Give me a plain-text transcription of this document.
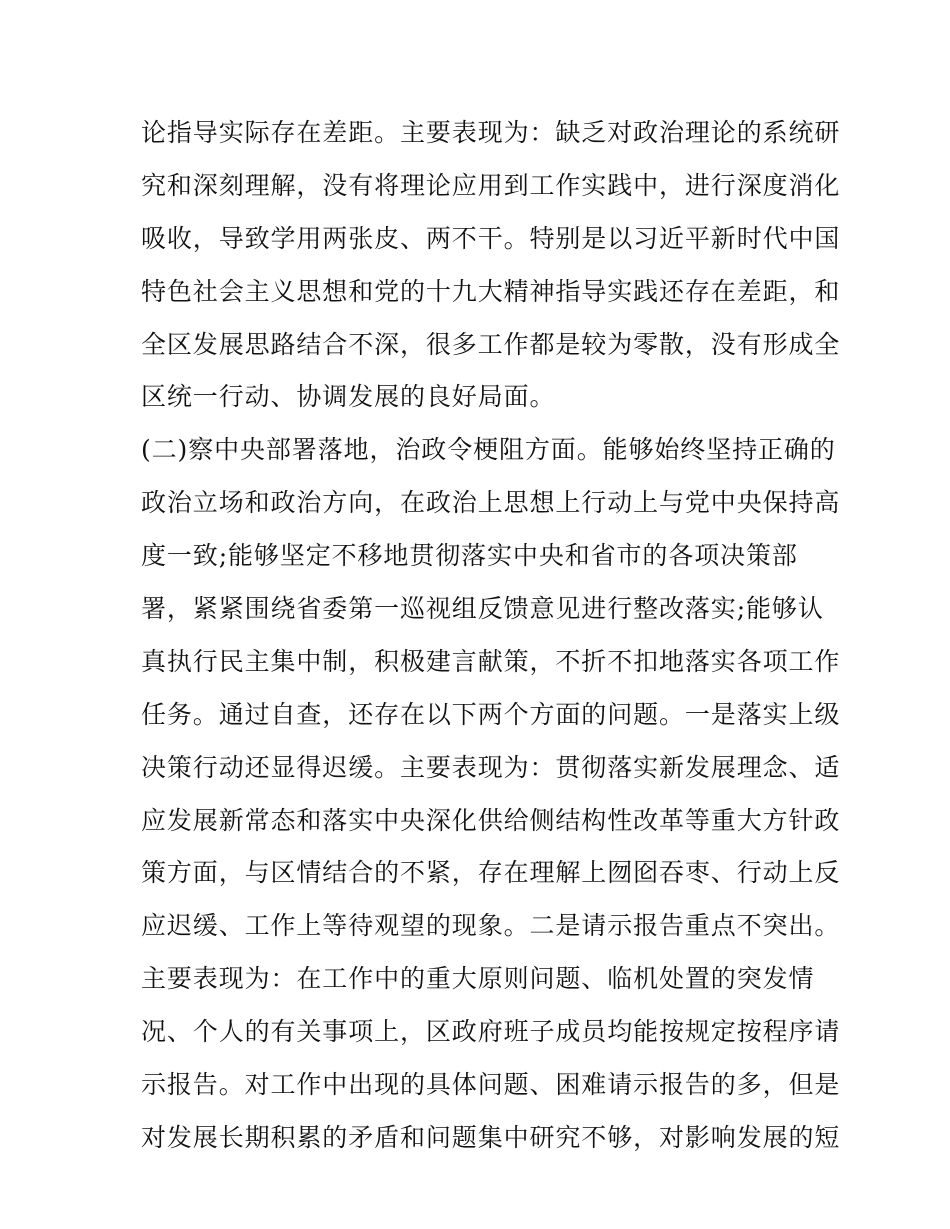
论指导实际存在差距。主要表现为：缺乏对政治理论的系统研
究和深刻理解，没有将理论应用到工作实践中，进行深度消化
吸收，导致学用两张皮、两不干。特别是以习近平新时代中国
特色社会主义思想和党的十九大精神指导实践还存在差距，和
全区发展思路结合不深，很多工作都是较为零散，没有形成全
区统一行动、协调发展的良好局面。
(二)察中央部署落地，治政令梗阻方面。能够始终坚持正确的
政治立场和政治方向，在政治上思想上行动上与党中央保持高
度一致;能够坚定不移地贯彻落实中央和省市的各项决策部
署，紧紧围绕省委第一巡视组反馈意见进行整改落实;能够认
真执行民主集中制，积极建言献策，不折不扣地落实各项工作
任务。通过自查，还存在以下两个方面的问题。一是落实上级
决策行动还显得迟缓。主要表现为：贯彻落实新发展理念、适
应发展新常态和落实中央深化供给侧结构性改革等重大方针政
策方面，与区情结合的不紧，存在理解上囫囵吞枣、行动上反
应迟缓、工作上等待观望的现象。二是请示报告重点不突出。
主要表现为：在工作中的重大原则问题、临机处置的突发情
况、个人的有关事项上，区政府班子成员均能按规定按程序请
示报告。对工作中出现的具体问题、困难请示报告的多，但是
对发展长期积累的矛盾和问题集中研究不够，对影响发展的短
